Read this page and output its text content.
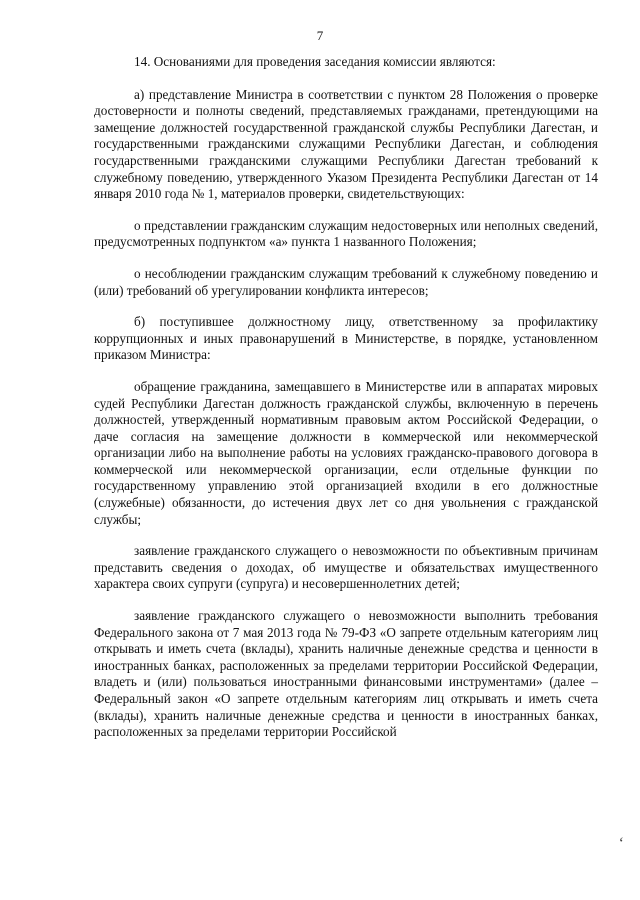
7

14. Основаниями для проведения заседания комиссии являются:

а) представление Министра в соответствии с пунктом 28 Положения о проверке достоверности и полноты сведений, представляемых гражданами, претендующими на замещение должностей государственной гражданской службы Республики Дагестан, и государственными гражданскими служащими Республики Дагестан, и соблюдения государственными гражданскими служащими Республики Дагестан требований к служебному поведению, утвержденного Указом Президента Республики Дагестан от 14 января 2010 года № 1, материалов проверки, свидетельствующих:

о представлении гражданским служащим недостоверных или неполных сведений, предусмотренных подпунктом «а» пункта 1 названного Положения;

о несоблюдении гражданским служащим требований к служебному поведению и (или) требований об урегулировании конфликта интересов;

б) поступившее должностному лицу, ответственному за профилактику коррупционных и иных правонарушений в Министерстве, в порядке, установленном приказом Министра:

обращение гражданина, замещавшего в Министерстве или в аппаратах мировых судей Республики Дагестан должность гражданской службы, включенную в перечень должностей, утвержденный нормативным правовым актом Российской Федерации, о даче согласия на замещение должности в коммерческой или некоммерческой организации либо на выполнение работы на условиях гражданско-правового договора в коммерческой или некоммерческой организации, если отдельные функции по государственному управлению этой организацией входили в его должностные (служебные) обязанности, до истечения двух лет со дня увольнения с гражданской службы;

заявление гражданского служащего о невозможности по объективным причинам представить сведения о доходах, об имуществе и обязательствах имущественного характера своих супруги (супруга) и несовершеннолетних детей;

заявление гражданского служащего о невозможности выполнить требования Федерального закона от 7 мая 2013 года № 79-ФЗ «О запрете отдельным категориям лиц открывать и иметь счета (вклады), хранить наличные денежные средства и ценности в иностранных банках, расположенных за пределами территории Российской Федерации, владеть и (или) пользоваться иностранными финансовыми инструментами» (далее – Федеральный закон «О запрете отдельным категориям лиц открывать и иметь счета (вклады), хранить наличные денежные средства и ценности в иностранных банках, расположенных за пределами территории Российской

‘
